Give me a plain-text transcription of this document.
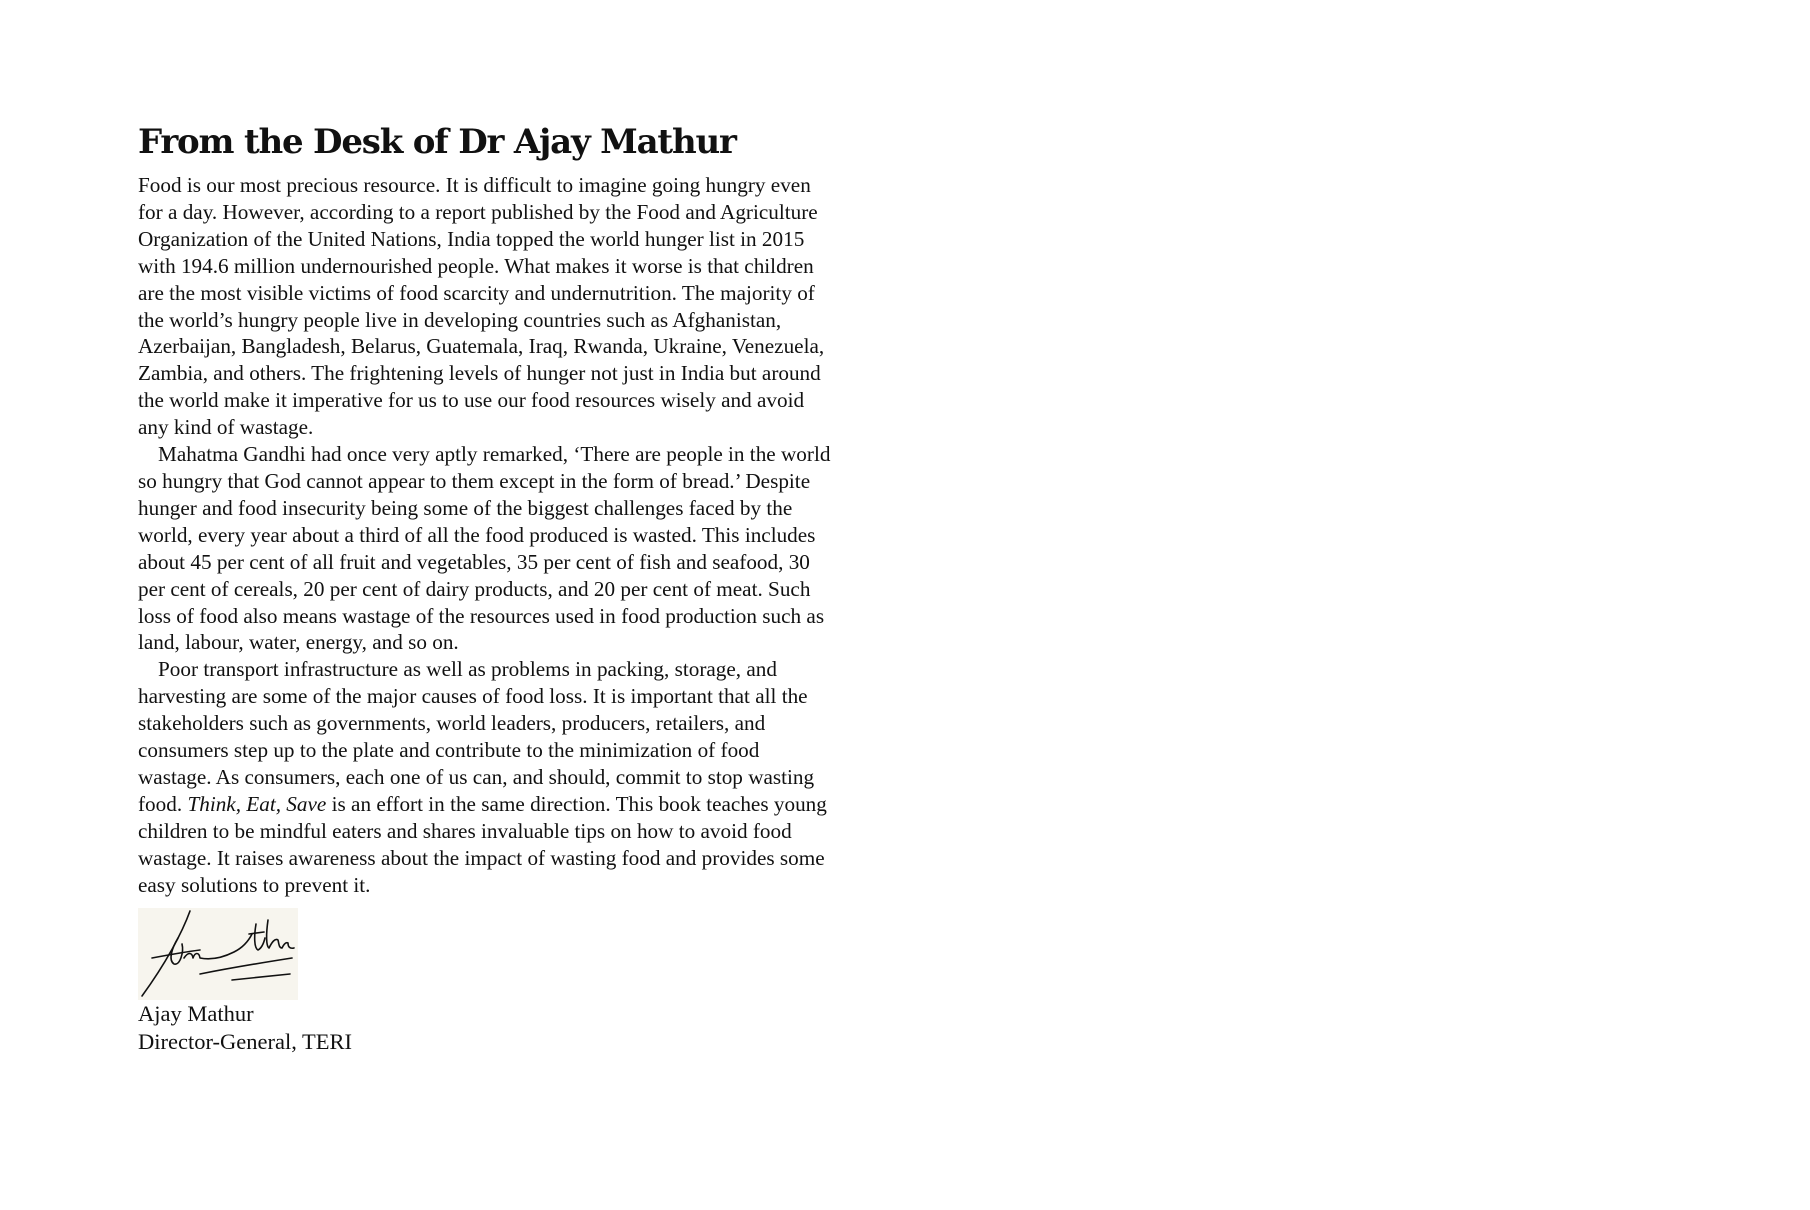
From the Desk of Dr Ajay Mathur

Food is our most precious resource. It is difficult to imagine going hungry even for a day. However, according to a report published by the Food and Agriculture Organization of the United Nations, India topped the world hunger list in 2015 with 194.6 million undernourished people. What makes it worse is that children are the most visible victims of food scarcity and undernutrition. The majority of the world’s hungry people live in developing countries such as Afghanistan, Azerbaijan, Bangladesh, Belarus, Guatemala, Iraq, Rwanda, Ukraine, Venezuela, Zambia, and others. The frightening levels of hunger not just in India but around the world make it imperative for us to use our food resources wisely and avoid any kind of wastage.

Mahatma Gandhi had once very aptly remarked, ‘There are people in the world so hungry that God cannot appear to them except in the form of bread.’ Despite hunger and food insecurity being some of the biggest challenges faced by the world, every year about a third of all the food produced is wasted. This includes about 45 per cent of all fruit and vegetables, 35 per cent of fish and seafood, 30 per cent of cereals, 20 per cent of dairy products, and 20 per cent of meat. Such loss of food also means wastage of the resources used in food production such as land, labour, water, energy, and so on.

Poor transport infrastructure as well as problems in packing, storage, and harvesting are some of the major causes of food loss. It is important that all the stakeholders such as governments, world leaders, producers, retailers, and consumers step up to the plate and contribute to the minimization of food wastage. As consumers, each one of us can, and should, commit to stop wasting food. Think, Eat, Save is an effort in the same direction. This book teaches young children to be mindful eaters and shares invaluable tips on how to avoid food wastage. It raises awareness about the impact of wasting food and provides some easy solutions to prevent it.

Ajay Mathur
Director-General, TERI
